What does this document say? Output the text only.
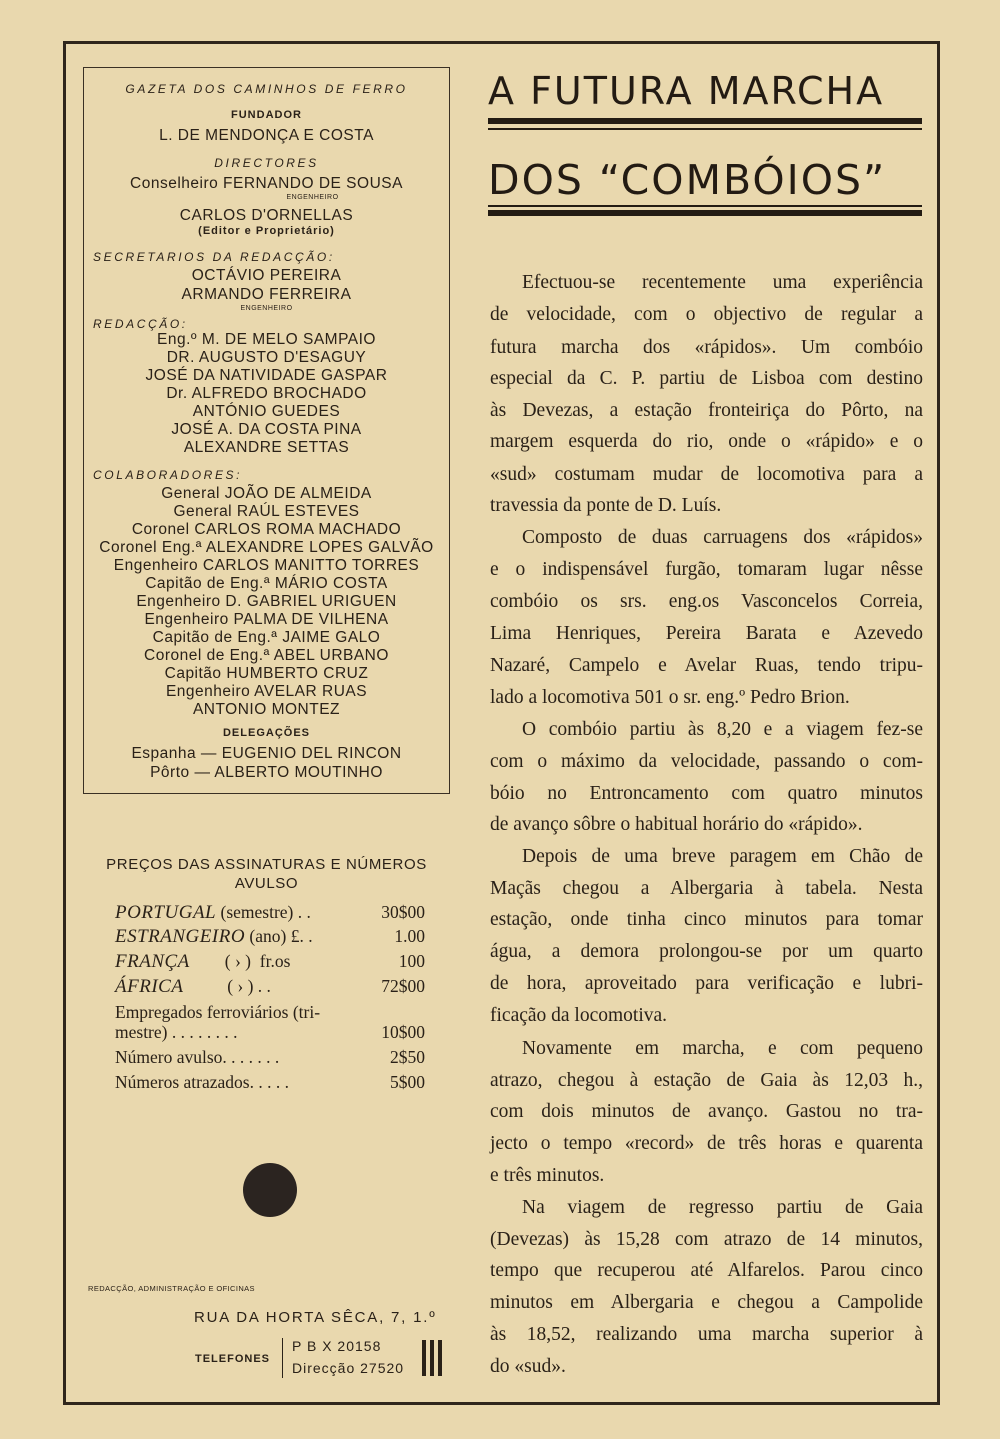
GAZETA DOS CAMINHOS DE FERRO
FUNDADOR
L. DE MENDONÇA E COSTA
DIRECTORES
Conselheiro FERNANDO DE SOUSA
ENGENHEIRO
CARLOS D'ORNELLAS
(Editor e Proprietário)
SECRETARIOS DA REDACÇÃO:
OCTÁVIO PEREIRA
ARMANDO FERREIRA
ENGENHEIRO
REDACÇÃO:
Eng.º M. DE MELO SAMPAIO
DR. AUGUSTO D'ESAGUY
JOSÉ DA NATIVIDADE GASPAR
Dr. ALFREDO BROCHADO
ANTÓNIO GUEDES
JOSÉ A. DA COSTA PINA
ALEXANDRE SETTAS
COLABORADORES:
General JOÃO DE ALMEIDA
General RAÚL ESTEVES
Coronel CARLOS ROMA MACHADO
Coronel Eng.ª ALEXANDRE LOPES GALVÃO
Engenheiro CARLOS MANITTO TORRES
Capitão de Eng.ª MÁRIO COSTA
Engenheiro D. GABRIEL URIGUEN
Engenheiro PALMA DE VILHENA
Capitão de Eng.ª JAIME GALO
Coronel de Eng.ª ABEL URBANO
Capitão HUMBERTO CRUZ
Engenheiro AVELAR RUAS
ANTONIO MONTEZ
DELEGAÇÕES
Espanha — EUGENIO DEL RINCON
Pôrto — ALBERTO MOUTINHO
PREÇOS DAS ASSINATURAS E NÚMEROS
AVULSO
PORTUGAL (semestre) . .	30$00
ESTRANGEIRO (ano) £. .	1.00
FRANÇA        ( › )  fr.os	100
ÁFRICA          ( › ) . .	72$00
Empregados ferroviários (tri-
mestre) . . . . . . . .	10$00
Número avulso. . . . . . .	2$50
Números atrazados. . . . .	5$00
REDACÇÃO, ADMINISTRAÇÃO E OFICINAS
RUA DA HORTA SÊCA, 7, 1.º
TELEFONES
P B X 20158
Direcção 27520
A FUTURA MARCHA
DOS “COMBÓIOS”
Efectuou-se recentemente uma experiência
de velocidade, com o objectivo de regular a
futura marcha dos «rápidos». Um combóio
especial da C. P. partiu de Lisboa com destino
às Devezas, a estação fronteiriça do Pôrto, na
margem esquerda do rio, onde o «rápido» e o
«sud» costumam mudar de locomotiva para a
travessia da ponte de D. Luís.
Composto de duas carruagens dos «rápidos»
e o indispensável furgão, tomaram lugar nêsse
combóio os srs. eng.os Vasconcelos Correia,
Lima Henriques, Pereira Barata e Azevedo
Nazaré, Campelo e Avelar Ruas, tendo tripu-
lado a locomotiva 501 o sr. eng.º Pedro Brion.
O combóio partiu às 8,20 e a viagem fez-se
com o máximo da velocidade, passando o com-
bóio no Entroncamento com quatro minutos
de avanço sôbre o habitual horário do «rápido».
Depois de uma breve paragem em Chão de
Maçãs chegou a Albergaria à tabela. Nesta
estação, onde tinha cinco minutos para tomar
água, a demora prolongou-se por um quarto
de hora, aproveitado para verificação e lubri-
ficação da locomotiva.
Novamente em marcha, e com pequeno
atrazo, chegou à estação de Gaia às 12,03 h.,
com dois minutos de avanço. Gastou no tra-
jecto o tempo «record» de três horas e quarenta
e três minutos.
Na viagem de regresso partiu de Gaia
(Devezas) às 15,28 com atrazo de 14 minutos,
tempo que recuperou até Alfarelos. Parou cinco
minutos em Albergaria e chegou a Campolide
às 18,52, realizando uma marcha superior à
do «sud».
